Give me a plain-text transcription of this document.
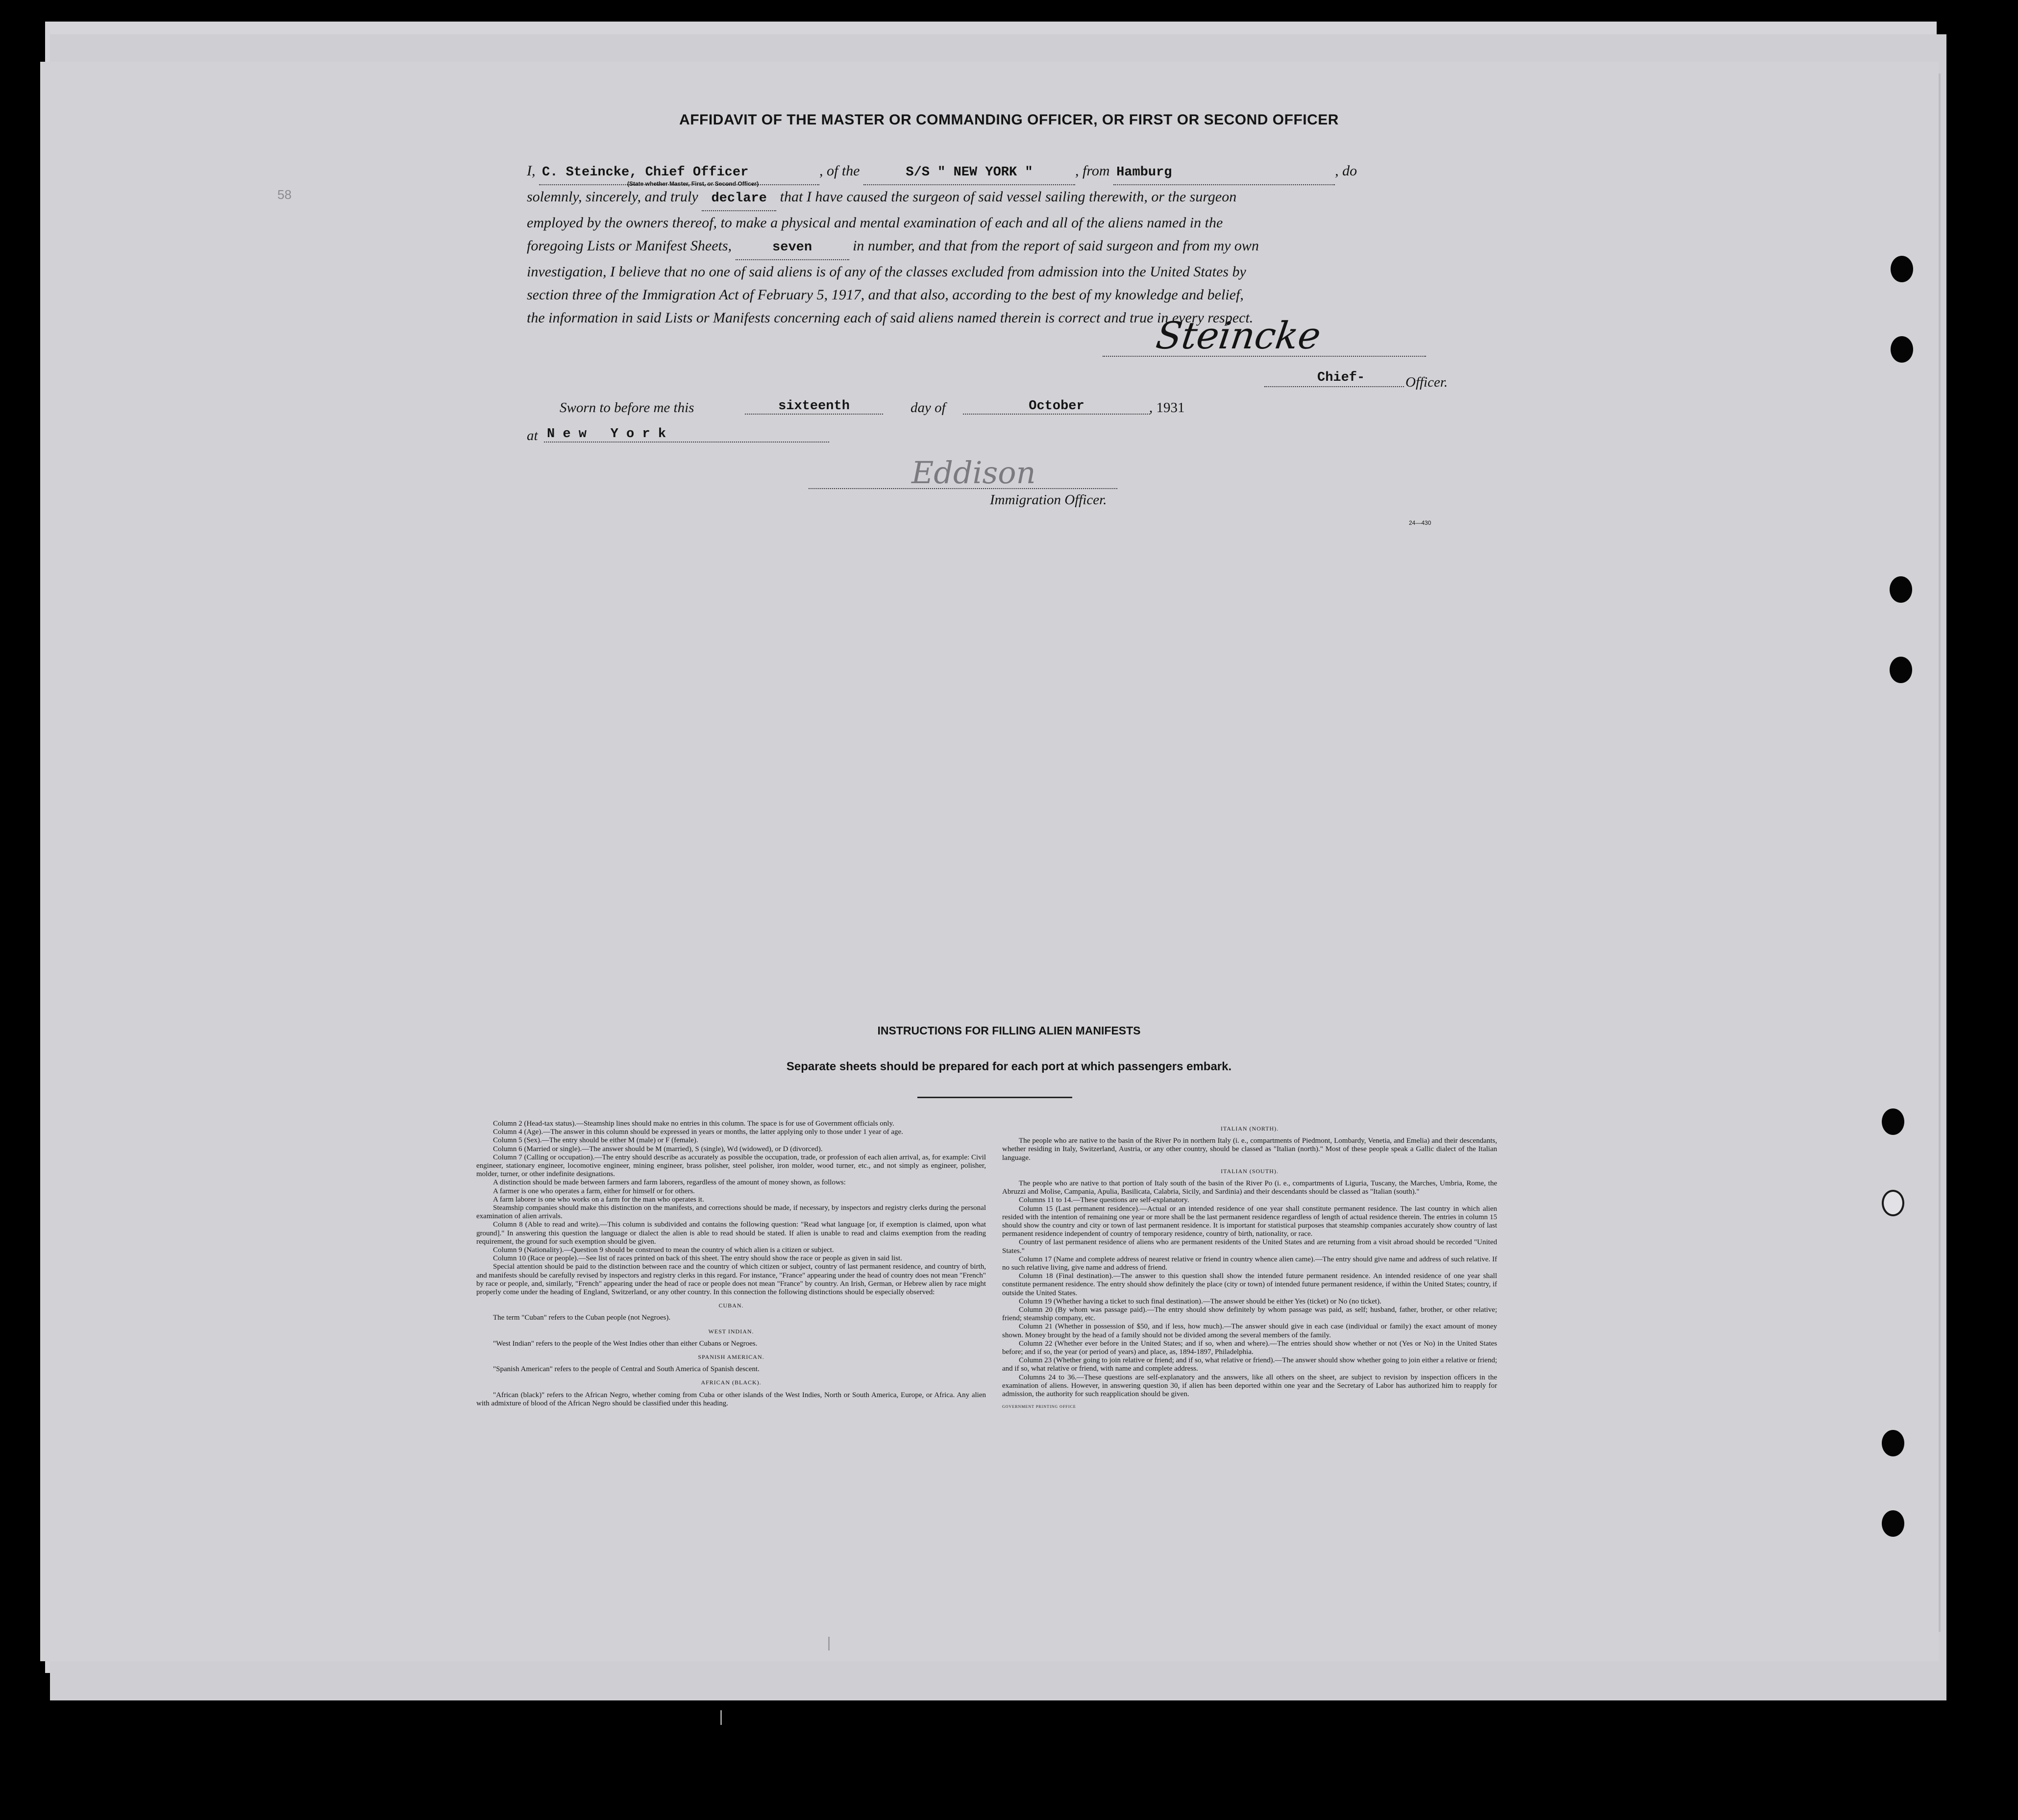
58
AFFIDAVIT OF THE MASTER OR COMMANDING OFFICER, OR FIRST OR SECOND OFFICER

I, C. Steincke, Chief Officer	, of the	S/S " NEW YORK "	, from Hamburg	, do

solemnly, sincerely, and truly declare that I have caused the surgeon of said vessel sailing therewith, or the surgeon

employed by the owners thereof, to make a physical and mental examination of each and all of the aliens named in the

foregoing Lists or Manifest Sheets,	seven	in number, and that from the report of said surgeon and from my own

investigation, I believe that no one of said aliens is of any of the classes excluded from admission into the United States by

section three of the Immigration Act of February 5, 1917, and that also, according to the best of my knowledge and belief,

the information in said Lists or Manifests concerning each of said aliens named therein is correct and true in every respect.

(State whether Master, First, or Second Officer)
Steincke
Chief-	Officer.
Sworn to before me this	sixteenth	day of	October	, 1931
at N e w   Y o r k
Eddison
Immigration Officer.
24—430
INSTRUCTIONS FOR FILLING ALIEN MANIFESTS
Separate sheets should be prepared for each port at which passengers embark.

Column 2 (Head-tax status).—Steamship lines should make no entries in this column. The space is for use of Government officials only.

Column 4 (Age).—The answer in this column should be expressed in years or months, the latter applying only to those under 1 year of age.

Column 5 (Sex).—The entry should be either M (male) or F (female).

Column 6 (Married or single).—The answer should be M (married), S (single), Wd (widowed), or D (divorced).

Column 7 (Calling or occupation).—The entry should describe as accurately as possible the occupation, trade, or profession of each alien arrival, as, for example: Civil engineer, stationary engineer, locomotive engineer, mining engineer, brass polisher, steel polisher, iron molder, wood turner, etc., and not simply as engineer, polisher, molder, turner, or other indefinite designations.

A distinction should be made between farmers and farm laborers, regardless of the amount of money shown, as follows:

A farmer is one who operates a farm, either for himself or for others.

A farm laborer is one who works on a farm for the man who operates it.

Steamship companies should make this distinction on the manifests, and corrections should be made, if necessary, by inspectors and registry clerks during the personal examination of alien arrivals.

Column 8 (Able to read and write).—This column is subdivided and contains the following question: "Read what language [or, if exemption is claimed, upon what ground]." In answering this question the language or dialect the alien is able to read should be stated. If alien is unable to read and claims exemption from the reading requirement, the ground for such exemption should be given.

Column 9 (Nationality).—Question 9 should be construed to mean the country of which alien is a citizen or subject.

Column 10 (Race or people).—See list of races printed on back of this sheet. The entry should show the race or people as given in said list.

Special attention should be paid to the distinction between race and the country of which citizen or subject, country of last permanent residence, and country of birth, and manifests should be carefully revised by inspectors and registry clerks in this regard. For instance, "France" appearing under the head of country does not mean "French" by race or people, and, similarly, "French" appearing under the head of race or people does not mean "France" by country. An Irish, German, or Hebrew alien by race might properly come under the heading of England, Switzerland, or any other country. In this connection the following distinctions should be especially observed:

CUBAN.

The term "Cuban" refers to the Cuban people (not Negroes).

WEST INDIAN.

"West Indian" refers to the people of the West Indies other than either Cubans or Negroes.

SPANISH AMERICAN.

"Spanish American" refers to the people of Central and South America of Spanish descent.

AFRICAN (BLACK).

"African (black)" refers to the African Negro, whether coming from Cuba or other islands of the West Indies, North or South America, Europe, or Africa. Any alien with admixture of blood of the African Negro should be classified under this heading.

ITALIAN (NORTH).

The people who are native to the basin of the River Po in northern Italy (i. e., compartments of Piedmont, Lombardy, Venetia, and Emelia) and their descendants, whether residing in Italy, Switzerland, Austria, or any other country, should be classed as "Italian (north)." Most of these people speak a Gallic dialect of the Italian language.

ITALIAN (SOUTH).

The people who are native to that portion of Italy south of the basin of the River Po (i. e., compartments of Liguria, Tuscany, the Marches, Umbria, Rome, the Abruzzi and Molise, Campania, Apulia, Basilicata, Calabria, Sicily, and Sardinia) and their descendants should be classed as "Italian (south)."

Columns 11 to 14.—These questions are self-explanatory.

Column 15 (Last permanent residence).—Actual or an intended residence of one year shall constitute permanent residence. The last country in which alien resided with the intention of remaining one year or more shall be the last permanent residence regardless of length of actual residence therein. The entries in column 15 should show the country and city or town of last permanent residence. It is important for statistical purposes that steamship companies accurately show country of last permanent residence independent of country of temporary residence, country of birth, nationality, or race.

Country of last permanent residence of aliens who are permanent residents of the United States and are returning from a visit abroad should be recorded "United States."

Column 17 (Name and complete address of nearest relative or friend in country whence alien came).—The entry should give name and address of such relative. If no such relative living, give name and address of friend.

Column 18 (Final destination).—The answer to this question shall show the intended future permanent residence. An intended residence of one year shall constitute permanent residence. The entry should show definitely the place (city or town) of intended future permanent residence, if within the United States; country, if outside the United States.

Column 19 (Whether having a ticket to such final destination).—The answer should be either Yes (ticket) or No (no ticket).

Column 20 (By whom was passage paid).—The entry should show definitely by whom passage was paid, as self; husband, father, brother, or other relative; friend; steamship company, etc.

Column 21 (Whether in possession of $50, and if less, how much).—The answer should give in each case (individual or family) the exact amount of money shown. Money brought by the head of a family should not be divided among the several members of the family.

Column 22 (Whether ever before in the United States; and if so, when and where).—The entries should show whether or not (Yes or No) in the United States before; and if so, the year (or period of years) and place, as, 1894-1897, Philadelphia.

Column 23 (Whether going to join relative or friend; and if so, what relative or friend).—The answer should show whether going to join either a relative or friend; and if so, what relative or friend, with name and complete address.

Columns 24 to 36.—These questions are self-explanatory and the answers, like all others on the sheet, are subject to revision by inspection officers in the examination of aliens. However, in answering question 30, if alien has been deported within one year and the Secretary of Labor has authorized him to reapply for admission, the authority for such reapplication should be given.

GOVERNMENT PRINTING OFFICE
